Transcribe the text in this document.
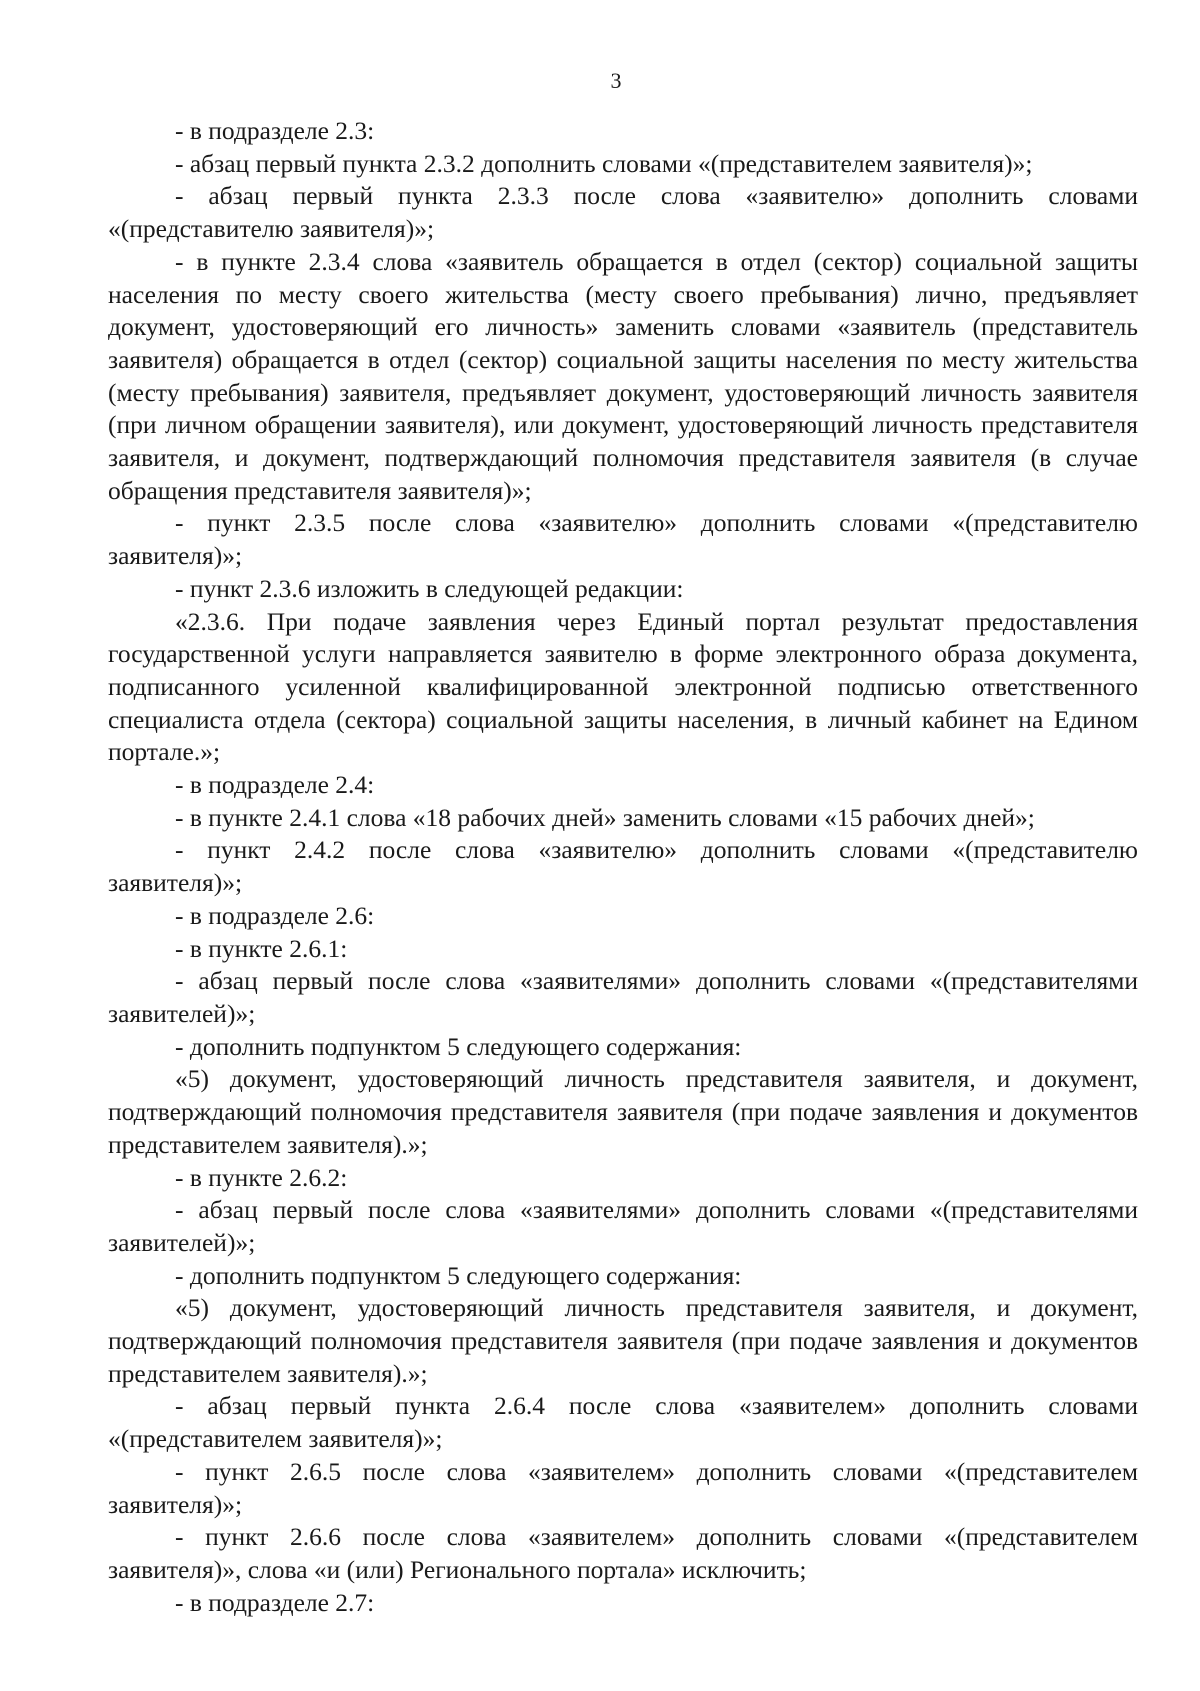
3

- в подразделе 2.3:

- абзац первый пункта 2.3.2 дополнить словами «(представителем заявителя)»;

- абзац первый пункта 2.3.3 после слова «заявителю» дополнить словами «(представителю заявителя)»;

- в пункте 2.3.4 слова «заявитель обращается в отдел (сектор) социальной защиты населения по месту своего жительства (месту своего пребывания) лично, предъявляет документ, удостоверяющий его личность» заменить словами «заявитель (представитель заявителя) обращается в отдел (сектор) социальной защиты населения по месту жительства (месту пребывания) заявителя, предъявляет документ, удостоверяющий личность заявителя (при личном обращении заявителя), или документ, удостоверяющий личность представителя заявителя, и документ, подтверждающий полномочия представителя заявителя (в случае обращения представителя заявителя)»;

- пункт 2.3.5 после слова «заявителю» дополнить словами «(представителю заявителя)»;

- пункт 2.3.6 изложить в следующей редакции:

«2.3.6. При подаче заявления через Единый портал результат предоставления государственной услуги направляется заявителю в форме электронного образа документа, подписанного усиленной квалифицированной электронной подписью ответственного специалиста отдела (сектора) социальной защиты населения, в личный кабинет на Едином портале.»;

- в подразделе 2.4:

- в пункте 2.4.1 слова «18 рабочих дней» заменить словами «15 рабочих дней»;

- пункт 2.4.2 после слова «заявителю» дополнить словами «(представителю заявителя)»;

- в подразделе 2.6:

- в пункте 2.6.1:

- абзац первый после слова «заявителями» дополнить словами «(представителями заявителей)»;

- дополнить подпунктом 5 следующего содержания:

«5) документ, удостоверяющий личность представителя заявителя, и документ, подтверждающий полномочия представителя заявителя (при подаче заявления и документов представителем заявителя).»;

- в пункте 2.6.2:

- абзац первый после слова «заявителями» дополнить словами «(представителями заявителей)»;

- дополнить подпунктом 5 следующего содержания:

«5) документ, удостоверяющий личность представителя заявителя, и документ, подтверждающий полномочия представителя заявителя (при подаче заявления и документов представителем заявителя).»;

- абзац первый пункта 2.6.4 после слова «заявителем» дополнить словами «(представителем заявителя)»;

- пункт 2.6.5 после слова «заявителем» дополнить словами «(представителем заявителя)»;

- пункт 2.6.6 после слова «заявителем» дополнить словами «(представителем заявителя)», слова «и (или) Регионального портала» исключить;

- в подразделе 2.7:
